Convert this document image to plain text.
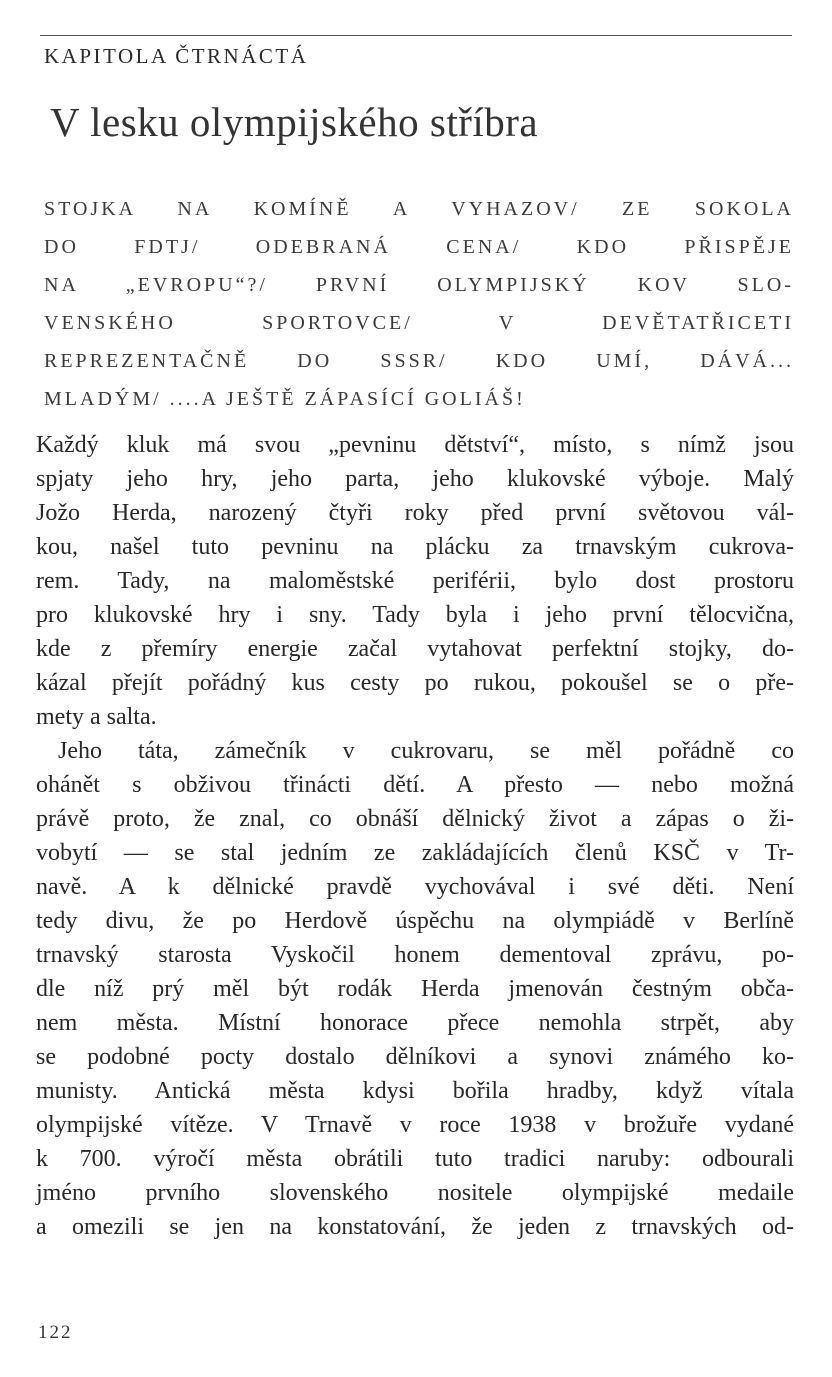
KAPITOLA ČTRNÁCTÁ
V lesku olympijského stříbra
STOJKA NA KOMÍNĚ A VYHAZOV/ ZE SOKOLA
DO FDTJ/ ODEBRANÁ CENA/ KDO PŘISPĚJE
NA „EVROPU“?/ PRVNÍ OLYMPIJSKÝ KOV SLO-
VENSKÉHO SPORTOVCE/ V DEVĚTATŘICETI
REPREZENTAČNĚ DO SSSR/ KDO UMÍ, DÁVÁ...
MLADÝM/ ....A JEŠTĚ ZÁPASÍCÍ GOLIÁŠ!
Každý kluk má svou „pevninu dětství“, místo, s nímž jsou
spjaty jeho hry, jeho parta, jeho klukovské výboje. Malý
Jožo Herda, narozený čtyři roky před první světovou vál-
kou, našel tuto pevninu na plácku za trnavským cukrova-
rem. Tady, na maloměstské periférii, bylo dost prostoru
pro klukovské hry i sny. Tady byla i jeho první tělocvična,
kde z přemíry energie začal vytahovat perfektní stojky, do-
kázal přejít pořádný kus cesty po rukou, pokoušel se o pře-
mety a salta.
Jeho táta, zámečník v cukrovaru, se měl pořádně co
ohánět s obživou třinácti dětí. A přesto — nebo možná
právě proto, že znal, co obnáší dělnický život a zápas o ži-
vobytí — se stal jedním ze zakládajících členů KSČ v Tr-
navě. A k dělnické pravdě vychovával i své děti. Není
tedy divu, že po Herdově úspěchu na olympiádě v Berlíně
trnavský starosta Vyskočil honem dementoval zprávu, po-
dle níž prý měl být rodák Herda jmenován čestným obča-
nem města. Místní honorace přece nemohla strpět, aby
se podobné pocty dostalo dělníkovi a synovi známého ko-
munisty. Antická města kdysi bořila hradby, když vítala
olympijské vítěze. V Trnavě v roce 1938 v brožuře vydané
k 700. výročí města obrátili tuto tradici naruby: odbourali
jméno prvního slovenského nositele olympijské medaile
a omezili se jen na konstatování, že jeden z trnavských od-
122
